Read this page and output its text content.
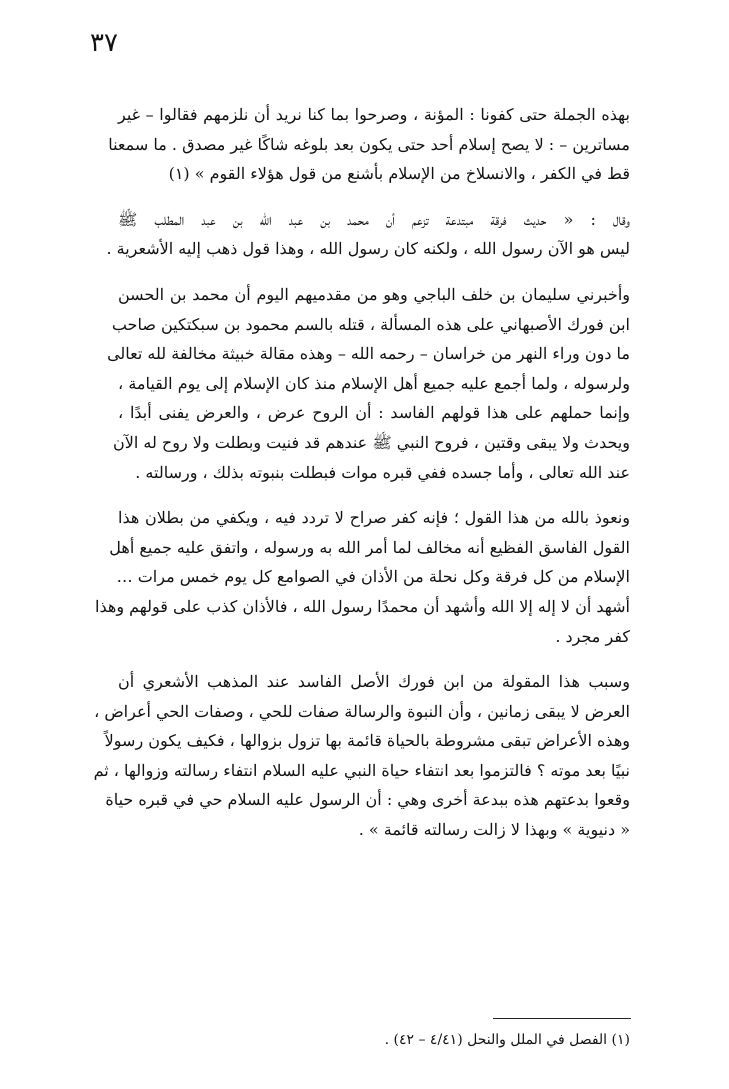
٣٧
بهذه الجملة حتى كفونا : المؤنة ، وصرحوا بما كنا نريد أن نلزمهم فقالوا – غير
مساترين – : لا يصح إسلام أحد حتى يكون بعد بلوغه شاكًا غير مصدق . ما سمعنا
قط في الكفر ، والانسلاخ من الإسلام بأشنع من قول هؤلاء القوم » (١)
وقال : « حديث فرقة مبتدعة تزعم أن محمد بن عبد الله بن عبد المطلب ﷺ
ليس هو الآن رسول الله ، ولكنه كان رسول الله ، وهذا قول ذهب إليه الأشعرية .
وأخبرني سليمان بن خلف الباجي وهو من مقدميهم اليوم أن محمد بن الحسن
ابن فورك الأصبهاني على هذه المسألة ، قتله بالسم محمود بن سبكتكين صاحب
ما دون وراء النهر من خراسان – رحمه الله – وهذه مقالة خبيثة مخالفة لله تعالى
ولرسوله ، ولما أجمع عليه جميع أهل الإسلام منذ كان الإسلام إلى يوم القيامة ،
وإنما حملهم على هذا قولهم الفاسد : أن الروح عرض ، والعرض يفنى أبدًا ،
ويحدث ولا يبقى وقتين ، فروح النبي ﷺ عندهم قد فنيت وبطلت ولا روح له الآن
عند الله تعالى ، وأما جسده ففي قبره موات فبطلت بنبوته بذلك ، ورسالته .
ونعوذ بالله من هذا القول ؛ فإنه كفر صراح لا تردد فيه ، ويكفي من بطلان هذا
القول الفاسق الفظيع أنه مخالف لما أمر الله به ورسوله ، واتفق عليه جميع أهل
الإسلام من كل فرقة وكل نحلة من الأذان في الصوامع كل يوم خمس مرات …
أشهد أن لا إله إلا الله وأشهد أن محمدًا رسول الله ، فالأذان كذب على قولهم وهذا
كفر مجرد .
وسبب هذا المقولة من ابن فورك الأصل الفاسد عند المذهب الأشعري أن
العرض لا يبقى زمانين ، وأن النبوة والرسالة صفات للحي ، وصفات الحي أعراض ،
وهذه الأعراض تبقى مشروطة بالحياة قائمة بها تزول بزوالها ، فكيف يكون رسولاً
نبيًا بعد موته ؟ فالتزموا بعد انتفاء حياة النبي عليه السلام انتفاء رسالته وزوالها ، ثم
وقعوا بدعتهم هذه ببدعة أخرى وهي : أن الرسول عليه السلام حي في قبره حياة
« دنيوية » وبهذا لا زالت رسالته قائمة » .
(١) الفصل في الملل والنحل (٤/٤١ – ٤٢) .
